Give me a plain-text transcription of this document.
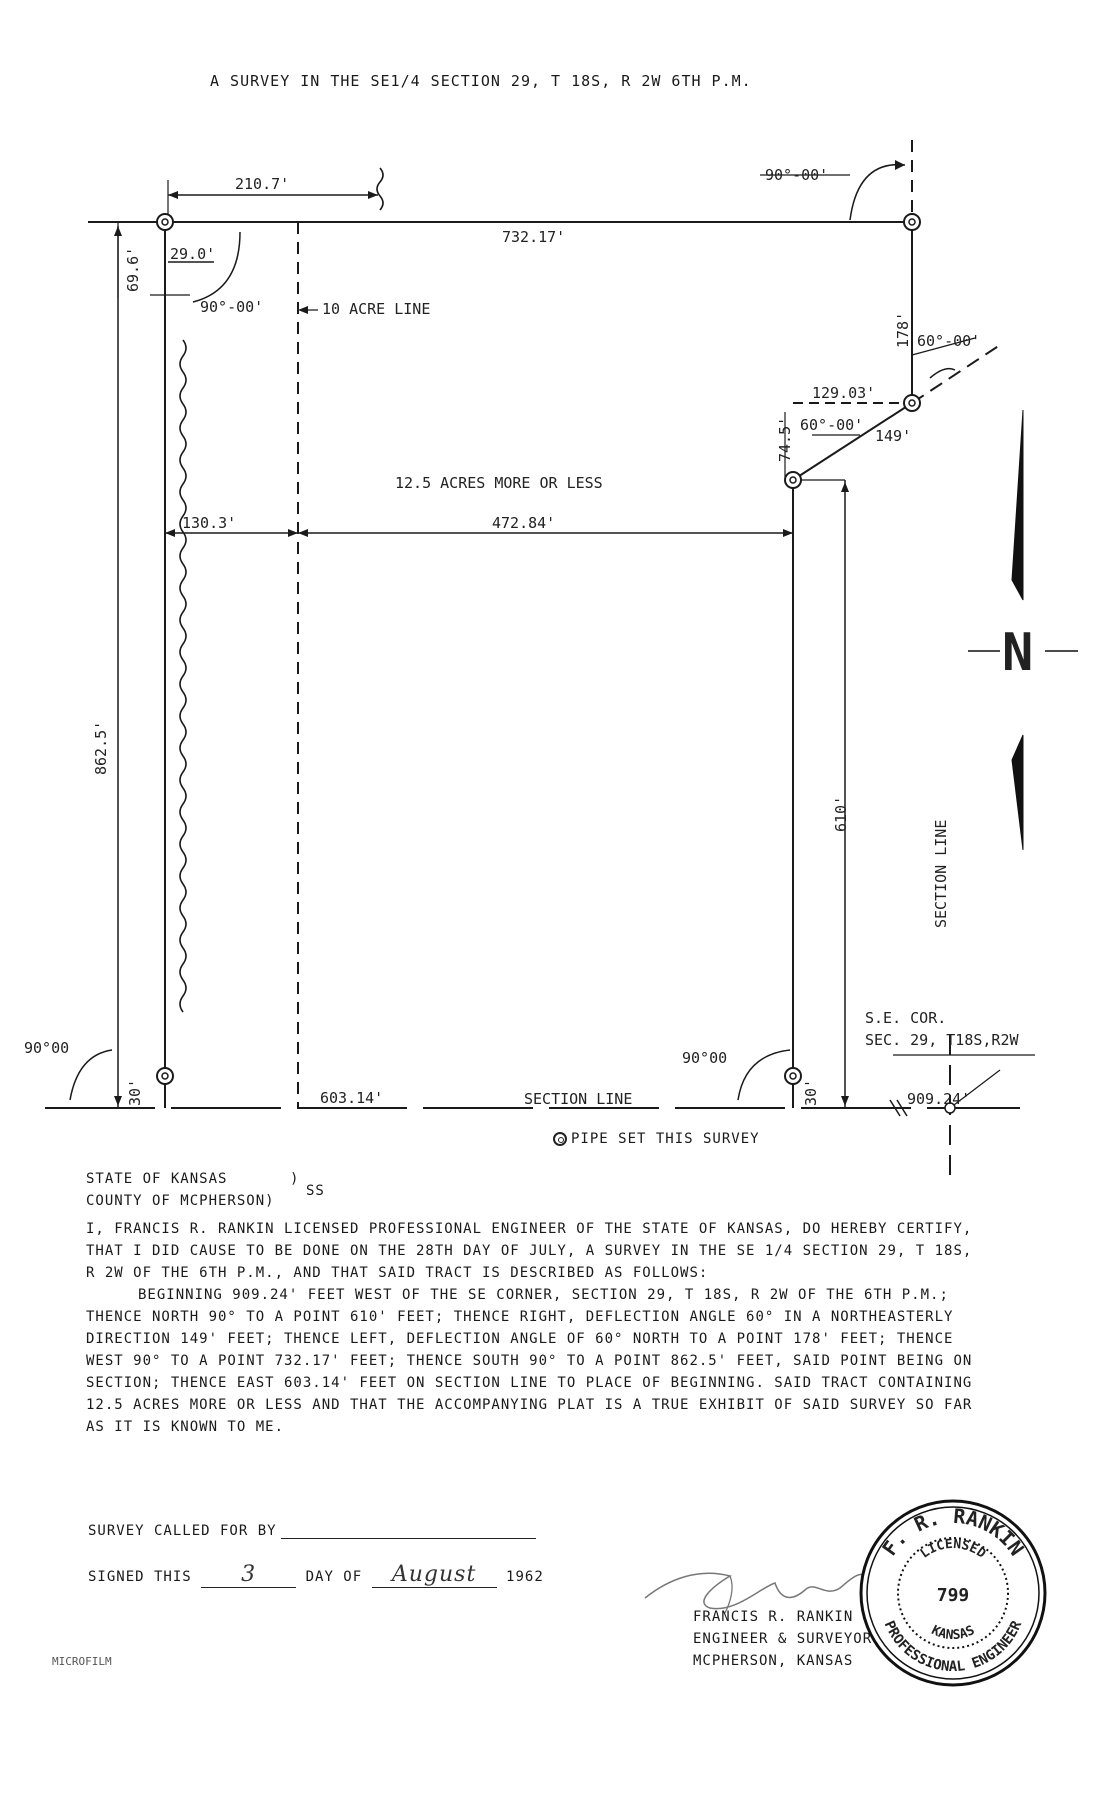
A SURVEY IN THE SE1/4 SECTION 29, T 18S, R 2W 6TH P.M.
210.7'
732.17'
69.6' 29.0'
90°-00'	10 ACRE LINE
90°-00'
178' 60°-00'
129.03'
60°-00'
149'
74.5'
12.5 ACRES MORE OR LESS
130.3'	472.84'
862.5'
610'
SECTION LINE
S.E. COR.
SEC. 29, T18S,R2W
90°00
90°00
30'	30'
603.14'	SECTION LINE	909.24'
N
PIPE SET THIS SURVEY
STATE OF KANSAS
COUNTY OF MCPHERSON)
)
SS

I, FRANCIS R. RANKIN LICENSED PROFESSIONAL ENGINEER OF THE STATE OF KANSAS, DO HEREBY CERTIFY, THAT I DID CAUSE TO BE DONE ON THE 28TH DAY OF JULY, A SURVEY IN THE SE 1/4 SECTION 29, T 18S, R 2W OF THE 6TH P.M., AND THAT SAID TRACT IS DESCRIBED AS FOLLOWS:

BEGINNING 909.24' FEET WEST OF THE SE CORNER, SECTION 29, T 18S, R 2W OF THE 6TH P.M.; THENCE NORTH 90° TO A POINT 610' FEET; THENCE RIGHT, DEFLECTION ANGLE 60° IN A NORTHEASTERLY DIRECTION 149' FEET; THENCE LEFT, DEFLECTION ANGLE OF 60° NORTH TO A POINT 178' FEET; THENCE WEST 90° TO A POINT 732.17' FEET; THENCE SOUTH 90° TO A POINT 862.5' FEET, SAID POINT BEING ON SECTION; THENCE EAST 603.14' FEET ON SECTION LINE TO PLACE OF BEGINNING. SAID TRACT CONTAINING 12.5 ACRES MORE OR LESS AND THAT THE ACCOMPANYING PLAT IS A TRUE EXHIBIT OF SAID SURVEY SO FAR AS IT IS KNOWN TO ME.

SURVEY CALLED FOR BY
SIGNED THIS 3	DAY OF August 1962
FRANCIS R. RANKIN
ENGINEER & SURVEYOR
MCPHERSON, KANSAS
F. R. RANKIN
LICENSED
799
KANSAS
PROFESSIONAL ENGINEER
MICROFILM
